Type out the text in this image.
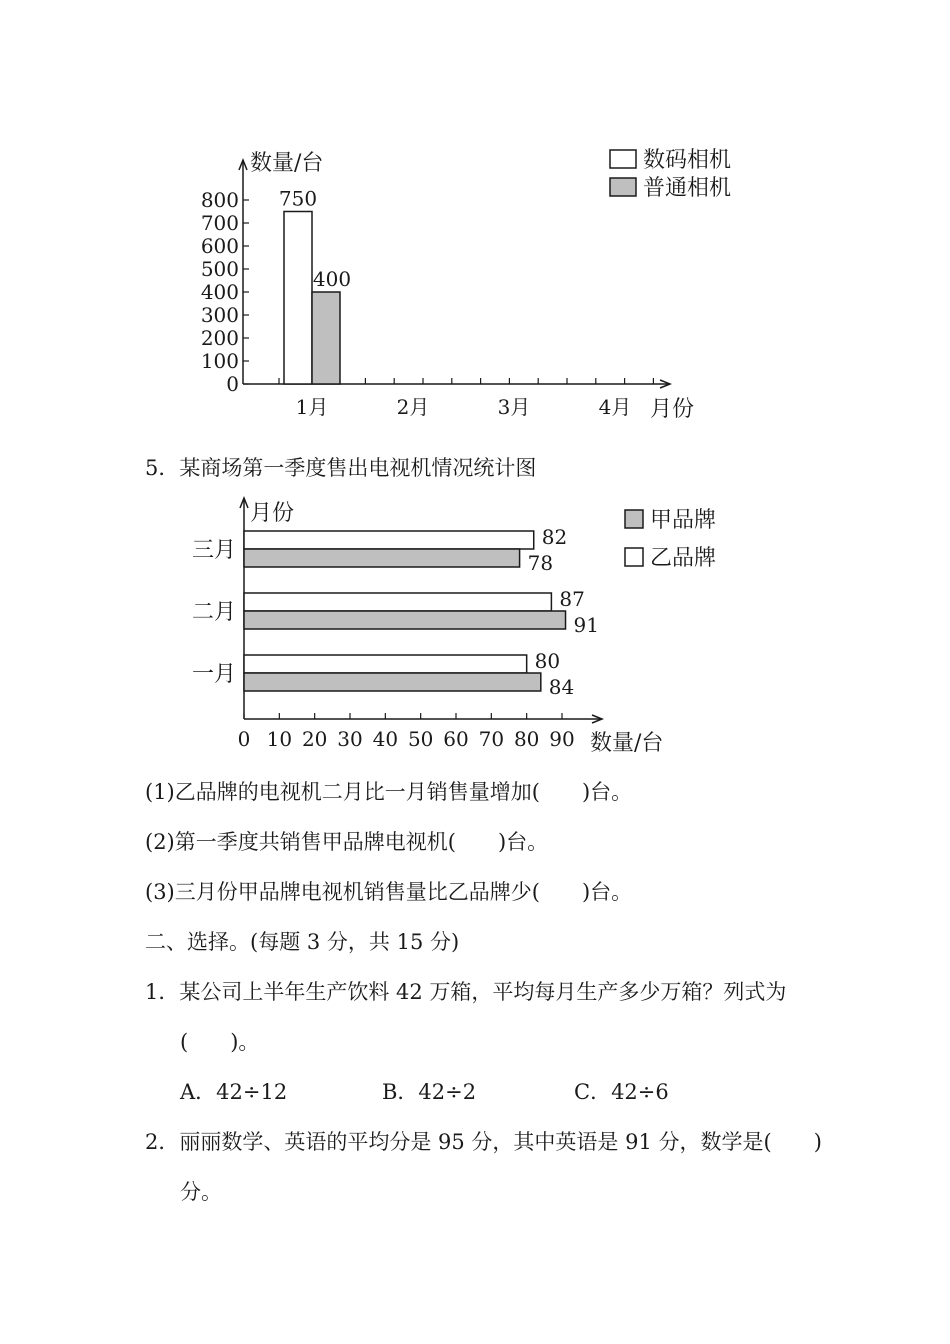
数量/台
月份
0
100
200
300
400
500
600
700
800
1月	2月	3月	4月
750
400
数码相机
普通相机

5．某商场第一季度售出电视机情况统计图

月份
数量/台
0 10 20 30 40 50 60 70 80 90
一月
二月
三月
80
87
82
84
91
78
甲品牌
乙品牌

(1)乙品牌的电视机二月比一月销售量增加(　　)台。

(2)第一季度共销售甲品牌电视机(　　)台。

(3)三月份甲品牌电视机销售量比乙品牌少(　　)台。

二、选择。(每题 3 分，共 15 分)

1．某公司上半年生产饮料 42 万箱，平均每月生产多少万箱？列式为

(　　)。

A．42÷12	B．42÷2	C．42÷6

2．丽丽数学、英语的平均分是 95 分，其中英语是 91 分，数学是(　　)

分。
